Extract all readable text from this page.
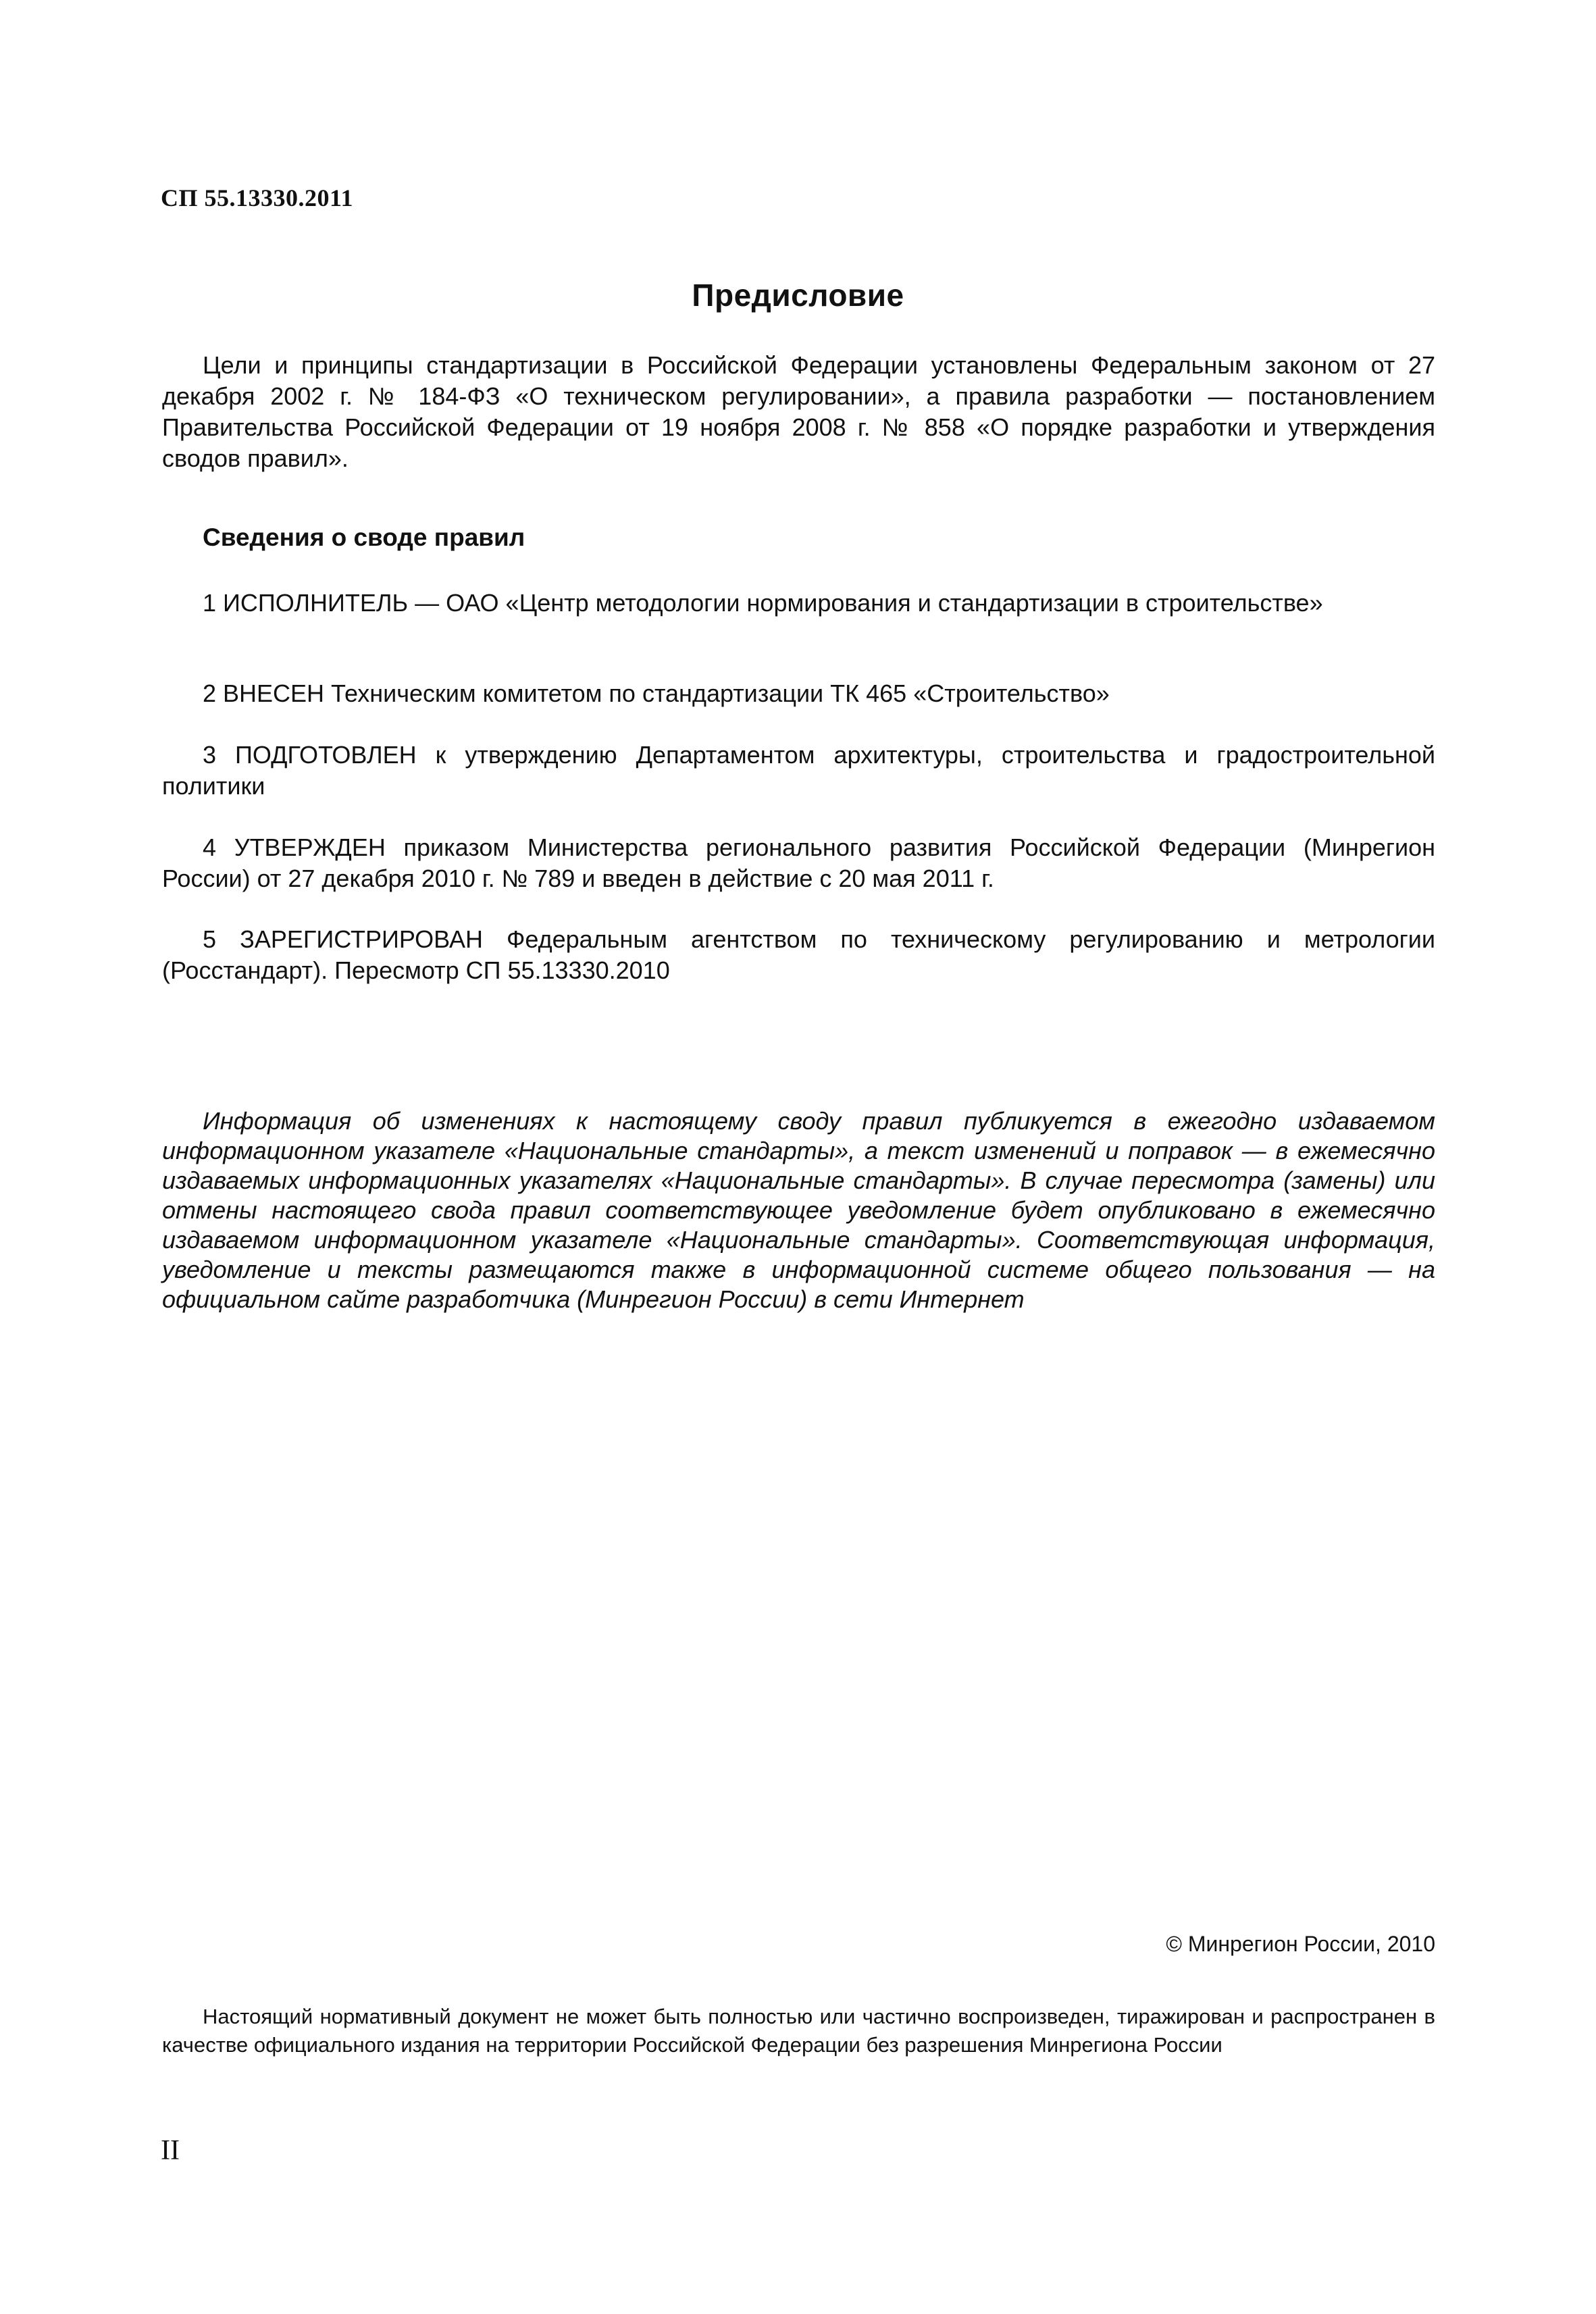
СП 55.13330.2011
Предисловие

Цели и принципы стандартизации в Российской Федерации установлены Федеральным законом от 27 декабря 2002 г. № 184-ФЗ «О техническом регулировании», а правила разработки — постановлением Правительства Российской Федерации от 19 ноября 2008 г. № 858 «О порядке разработки и утверждения сводов правил».

Сведения о своде правил

1 ИСПОЛНИТЕЛЬ — ОАО «Центр методологии нормирования и стандартизации в строительстве»

2 ВНЕСЕН Техническим комитетом по стандартизации ТК 465 «Строительство»

3 ПОДГОТОВЛЕН к утверждению Департаментом архитектуры, строительства и градостроительной политики

4 УТВЕРЖДЕН приказом Министерства регионального развития Российской Федерации (Минрегион России) от 27 декабря 2010 г. № 789 и введен в действие с 20 мая 2011 г.

5 ЗАРЕГИСТРИРОВАН Федеральным агентством по техническому регулированию и метрологии (Росстандарт). Пересмотр СП 55.13330.2010

Информация об изменениях к настоящему своду правил публикуется в ежегодно издаваемом информационном указателе «Национальные стандарты», а текст изменений и поправок — в ежемесячно издаваемых информационных указателях «Национальные стандарты». В случае пересмотра (замены) или отмены настоящего свода правил соответствующее уведомление будет опубликовано в ежемесячно издаваемом информационном указателе «Национальные стандарты». Соответствующая информация, уведомление и тексты размещаются также в информационной системе общего пользования — на официальном сайте разработчика (Минрегион России) в сети Интернет

© Минрегион России, 2010

Настоящий нормативный документ не может быть полностью или частично воспроизведен, тиражирован и распространен в качестве официального издания на территории Российской Федерации без разрешения Минрегиона России

II
